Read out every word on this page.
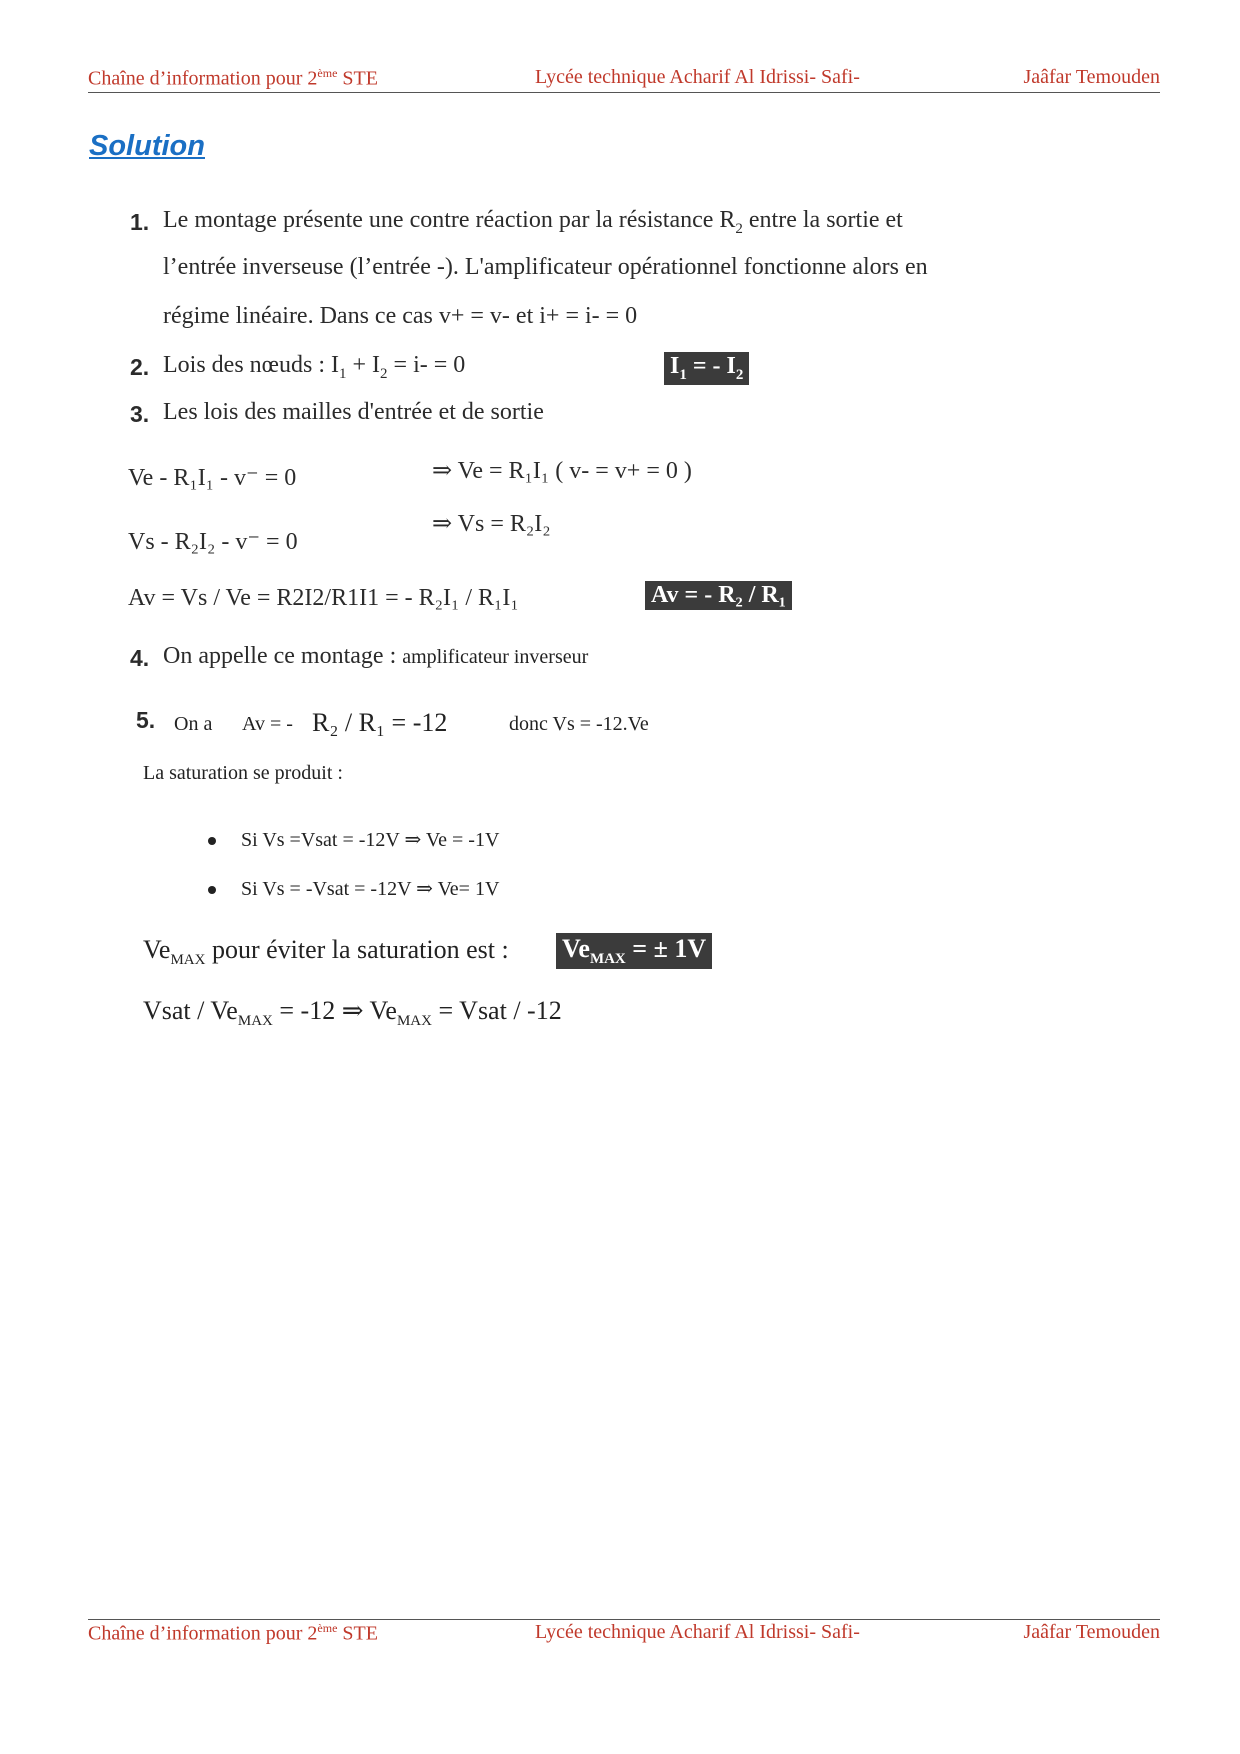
Chaîne d’information pour 2ème STE	Lycée technique Acharif Al Idrissi- Safi-	Jaâfar Temouden
Solution
1. Le montage présente une contre réaction par la résistance $R_2$ entre la sortie et
l’entrée inverseuse (l’entrée -). L'amplificateur opérationnel fonctionne alors en
régime linéaire. Dans ce cas v+ = v- et i+ = i- = 0
2. Lois des nœuds : $I_1 + I_2 = i- = 0$	$I_1$ = - $I_2$
3. Les lois des mailles d'entrée et de sortie
Ve - R₁I₁ - v⁻ = 0	⇒ Ve = R₁I₁ ( v- = v+ = 0 )
Vs - R₂I₂ - v⁻ = 0
⇒ Vs = R₂I₂
Av = Vs / Ve = R2I2/R1I1 = - R₂I₁ / R₁I₁	Av = - R₂ / R₁
4. On appelle ce montage : amplificateur inverseur
5. On a Av = - R₂ / R₁ = -12	donc Vs = -12.Ve
La saturation se produit :
Si Vs =Vsat = -12V ⇒ Ve = -1V
Si Vs = -Vsat = -12V ⇒ Ve= 1V
$Ve_{MAX}$ pour éviter la saturation est : $Ve_{MAX}$ = ± 1V
Vsat / $Ve_{MAX} = -12$ ⇒ $Ve_{MAX}$ = Vsat / -12
Chaîne d’information pour 2ème STE	Lycée technique Acharif Al Idrissi- Safi-	Jaâfar Temouden
